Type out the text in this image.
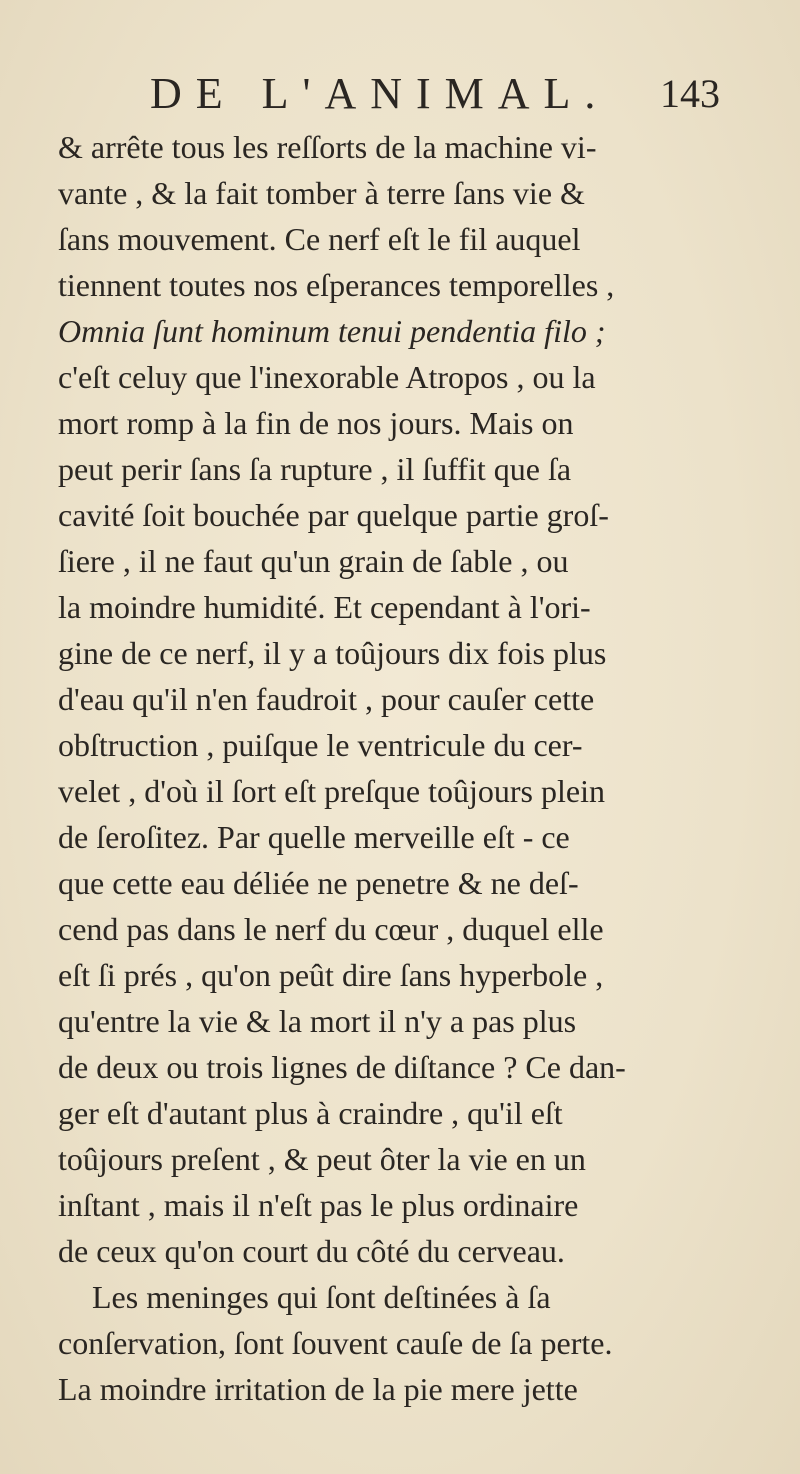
DE L'ANIMAL. 143
& arrête tous les reſſorts de la machine vi-
vante , & la fait tomber à terre ſans vie &
ſans mouvement. Ce nerf eſt le fil auquel
tiennent toutes nos eſperances temporelles ,
Omnia ſunt hominum tenui pendentia filo ;
c'eſt celuy que l'inexorable Atropos , ou la
mort romp à la fin de nos jours. Mais on
peut perir ſans ſa rupture , il ſuffit que ſa
cavité ſoit bouchée par quelque partie groſ-
ſiere , il ne faut qu'un grain de ſable , ou
la moindre humidité. Et cependant à l'ori-
gine de ce nerf, il y a toûjours dix fois plus
d'eau qu'il n'en faudroit , pour cauſer cette
obſtruction , puiſque le ventricule du cer-
velet , d'où il ſort eſt preſque toûjours plein
de ſeroſitez. Par quelle merveille eſt - ce
que cette eau déliée ne penetre & ne deſ-
cend pas dans le nerf du cœur , duquel elle
eſt ſi prés , qu'on peût dire ſans hyperbole ,
qu'entre la vie & la mort il n'y a pas plus
de deux ou trois lignes de diſtance ? Ce dan-
ger eſt d'autant plus à craindre , qu'il eſt
toûjours preſent , & peut ôter la vie en un
inſtant , mais il n'eſt pas le plus ordinaire
de ceux qu'on court du côté du cerveau.
Les meninges qui ſont deſtinées à ſa
conſervation, ſont ſouvent cauſe de ſa perte.
La moindre irritation de la pie mere jette
